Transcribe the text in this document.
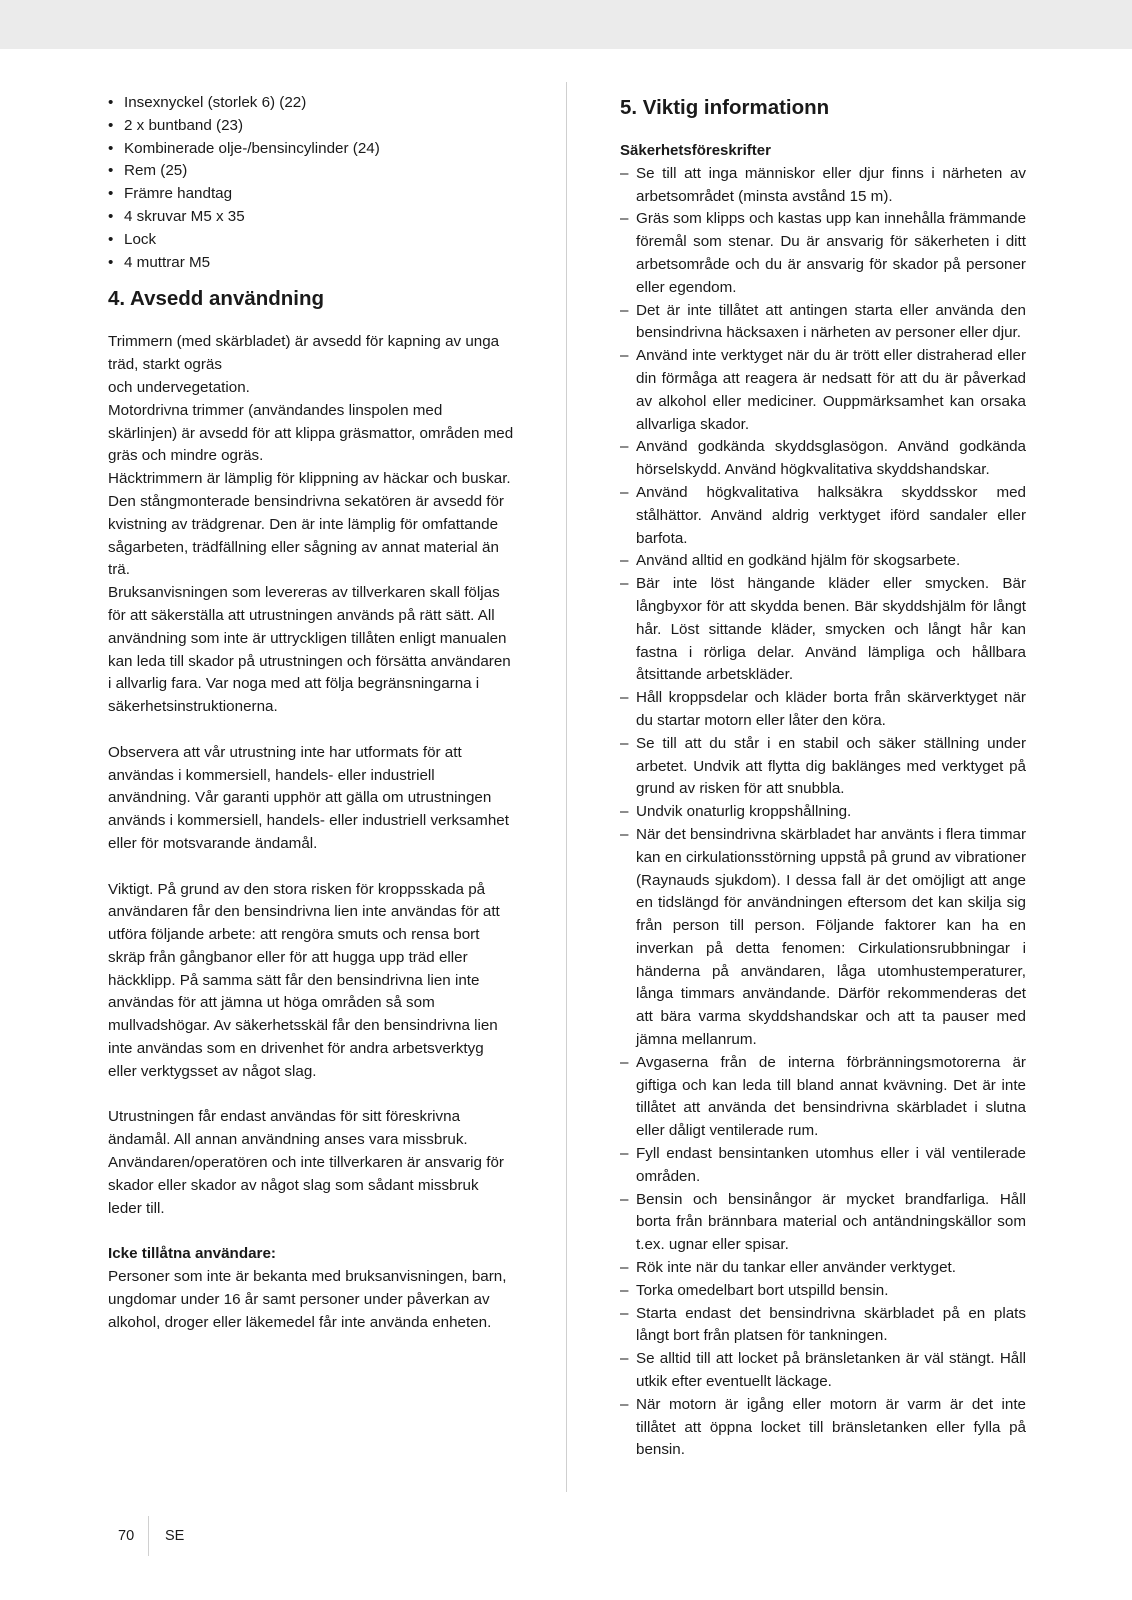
• Insexnyckel (storlek 6) (22)
• 2 x buntband (23)
• Kombinerade olje-/bensincylinder (24)
• Rem (25)
• Främre handtag
• 4 skruvar M5 x 35
• Lock
• 4 muttrar M5
4. Avsedd användning

Trimmern (med skärbladet) är avsedd för kapning av unga träd, starkt ogräs
och undervegetation.
Motordrivna trimmer (användandes linspolen med skärlinjen) är avsedd för att klippa gräsmattor, områden med gräs och mindre ogräs.
Häcktrimmern är lämplig för klippning av häckar och buskar.
Den stångmonterade bensindrivna sekatören är avsedd för kvistning av trädgrenar. Den är inte lämplig för omfattande sågarbeten, trädfällning eller sågning av annat material än trä.
Bruksanvisningen som levereras av tillverkaren skall följas för att säkerställa att utrustningen används på rätt sätt. All användning som inte är uttryckligen tillåten enligt manualen kan leda till skador på utrustningen och försätta användaren i allvarlig fara. Var noga med att följa begränsningarna i säkerhetsinstruktionerna.

Observera att vår utrustning inte har utformats för att användas i kommersiell, handels- eller industriell användning. Vår garanti upphör att gälla om utrustningen används i kommersiell, handels- eller industriell verksamhet eller för motsvarande ändamål.

Viktigt. På grund av den stora risken för kroppsskada på användaren får den bensindrivna lien inte användas för att utföra följande arbete: att rengöra smuts och rensa bort skräp från gångbanor eller för att hugga upp träd eller häckklipp. På samma sätt får den bensindrivna lien inte användas för att jämna ut höga områden så som mullvadshögar. Av säkerhetsskäl får den bensindrivna lien inte användas som en drivenhet för andra arbetsverktyg eller verktygsset av något slag.

Utrustningen får endast användas för sitt föreskrivna ändamål. All annan användning anses vara missbruk. Användaren/operatören och inte tillverkaren är ansvarig för skador eller skador av något slag som sådant missbruk leder till.

Icke tillåtna användare:

Personer som inte är bekanta med bruksanvisningen, barn, ungdomar under 16 år samt personer under påverkan av alkohol, droger eller läkemedel får inte använda enheten.

5. Viktig informationn
Säkerhetsföreskrifter
– Se till att inga människor eller djur finns i närheten av arbetsområdet (minsta avstånd 15 m).
– Gräs som klipps och kastas upp kan innehålla främmande föremål som stenar. Du är ansvarig för säkerheten i ditt arbetsområde och du är ansvarig för skador på personer eller egendom.
– Det är inte tillåtet att antingen starta eller använda den bensindrivna häcksaxen i närheten av personer eller djur.
– Använd inte verktyget när du är trött eller distraherad eller din förmåga att reagera är nedsatt för att du är påverkad av alkohol eller mediciner. Ouppmärksamhet kan orsaka allvarliga skador.
– Använd godkända skyddsglasögon. Använd godkända hörselskydd. Använd högkvalitativa skyddshandskar.
– Använd högkvalitativa halksäkra skyddsskor med stålhättor. Använd aldrig verktyget iförd sandaler eller barfota.
– Använd alltid en godkänd hjälm för skogsarbete.
– Bär inte löst hängande kläder eller smycken. Bär långbyxor för att skydda benen. Bär skyddshjälm för långt hår. Löst sittande kläder, smycken och långt hår kan fastna i rörliga delar. Använd lämpliga och hållbara åtsittande arbetskläder.
– Håll kroppsdelar och kläder borta från skärverktyget när du startar motorn eller låter den köra.
– Se till att du står i en stabil och säker ställning under arbetet. Undvik att flytta dig baklänges med verktyget på grund av risken för att snubbla.
– Undvik onaturlig kroppshållning.
– När det bensindrivna skärbladet har använts i flera timmar kan en cirkulationsstörning uppstå på grund av vibrationer (Raynauds sjukdom). I dessa fall är det omöjligt att ange en tidslängd för användningen eftersom det kan skilja sig från person till person. Följande faktorer kan ha en inverkan på detta fenomen: Cirkulationsrubbningar i händerna på användaren, låga utomhustemperaturer, långa timmars användande. Därför rekommenderas det att bära varma skyddshandskar och att ta pauser med jämna mellanrum.
– Avgaserna från de interna förbränningsmotorerna är giftiga och kan leda till bland annat kvävning. Det är inte tillåtet att använda det bensindrivna skärbladet i slutna eller dåligt ventilerade rum.
– Fyll endast bensintanken utomhus eller i väl ventilerade områden.
– Bensin och bensinångor är mycket brandfarliga. Håll borta från brännbara material och antändningskällor som t.ex. ugnar eller spisar.
– Rök inte när du tankar eller använder verktyget.
– Torka omedelbart bort utspilld bensin.
– Starta endast det bensindrivna skärbladet på en plats långt bort från platsen för tankningen.
– Se alltid till att locket på bränsletanken är väl stängt. Håll utkik efter eventuellt läckage.
– När motorn är igång eller motorn är varm är det inte tillåtet att öppna locket till bränsletanken eller fylla på bensin.
70 SE
